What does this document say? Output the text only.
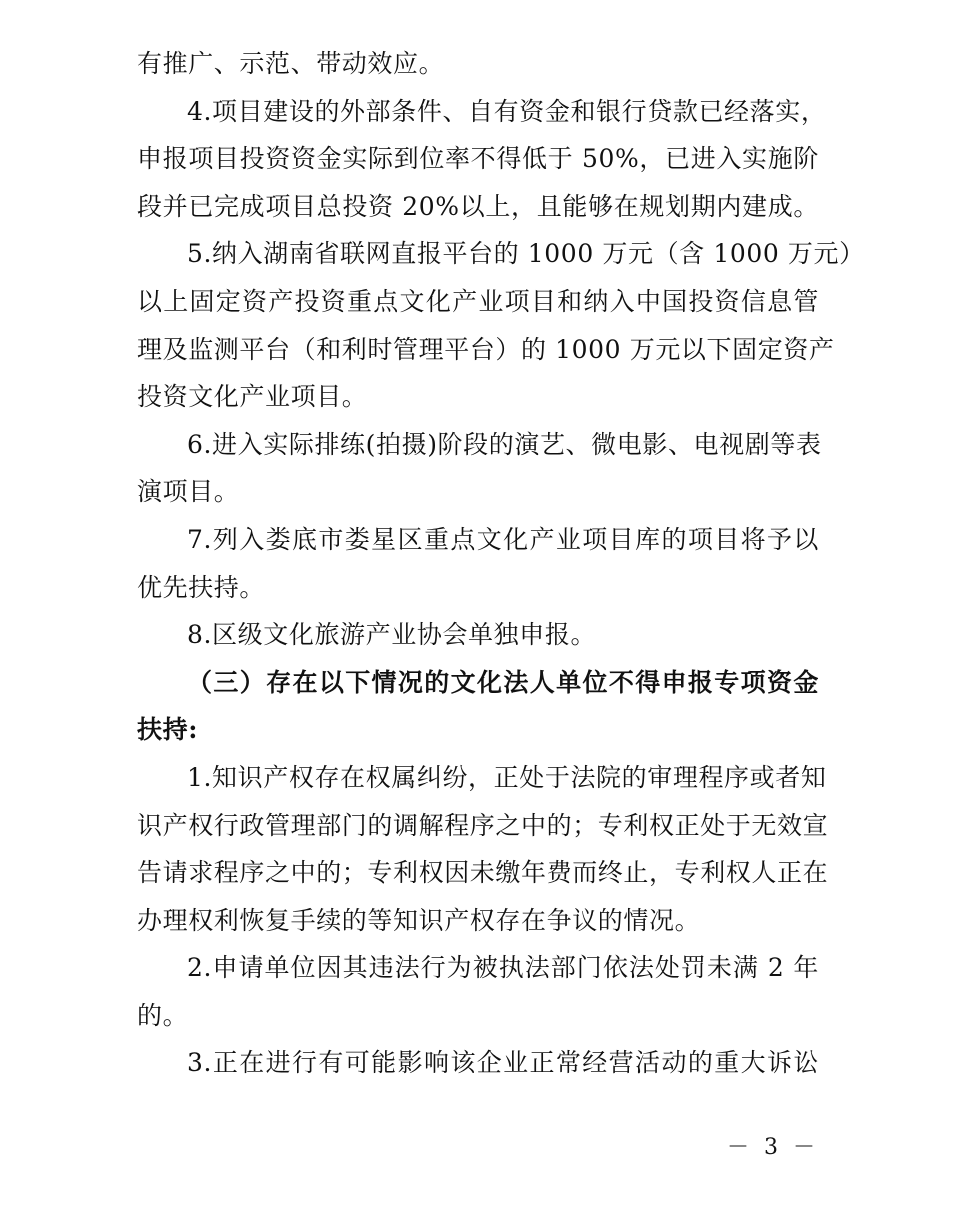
有推广、示范、带动效应。
4.项目建设的外部条件、自有资金和银行贷款已经落实，
申报项目投资资金实际到位率不得低于 50%，已进入实施阶
段并已完成项目总投资 20%以上，且能够在规划期内建成。
5.纳入湖南省联网直报平台的 1000 万元（含 1000 万元）
以上固定资产投资重点文化产业项目和纳入中国投资信息管
理及监测平台（和利时管理平台）的 1000 万元以下固定资产
投资文化产业项目。
6.进入实际排练(拍摄)阶段的演艺、微电影、电视剧等表
演项目。
7.列入娄底市娄星区重点文化产业项目库的项目将予以
优先扶持。
8.区级文化旅游产业协会单独申报。
（三）存在以下情况的文化法人单位不得申报专项资金
扶持:
1.知识产权存在权属纠纷，正处于法院的审理程序或者知
识产权行政管理部门的调解程序之中的；专利权正处于无效宣
告请求程序之中的；专利权因未缴年费而终止，专利权人正在
办理权利恢复手续的等知识产权存在争议的情况。
2.申请单位因其违法行为被执法部门依法处罚未满 2 年
的。
3.正在进行有可能影响该企业正常经营活动的重大诉讼
－ 3 －
